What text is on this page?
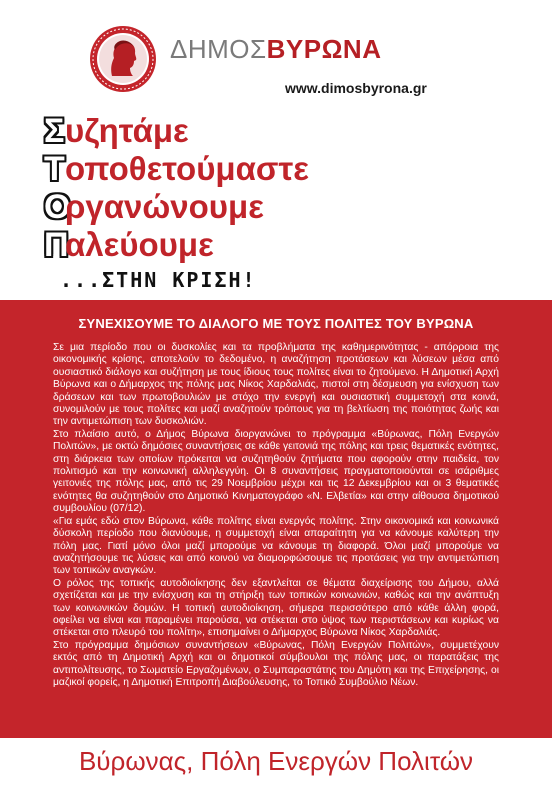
ΔΗΜΟΣΒΥΡΩΝΑ
www.dimosbyrona.gr
Σ υζητάμε
Τ οποθετούμαστε
Ο
ργανώνουμε
Π
αλεύουμε
...ΣΤΗΝ ΚΡΙΣΗ!
ΣΥΝΕΧΙΣΟΥΜΕ ΤΟ ΔΙΑΛΟΓΟ ΜΕ ΤΟΥΣ ΠΟΛΙΤΕΣ ΤΟΥ ΒΥΡΩΝΑ

Σε μια περίοδο που οι δυσκολίες και τα προβλήματα της καθημερινότητας - απόρροια της οικονομικής κρίσης, αποτελούν το δεδομένο, η αναζήτηση προτάσεων και λύσεων μέσα από ουσιαστικό διάλογο και συζήτηση με τους ίδιους τους πολίτες είναι το ζητούμενο. Η Δημοτική Αρχή Βύρωνα και ο Δήμαρχος της πόλης μας Νίκος Χαρδαλιάς, πιστοί στη δέσμευση για ενίσχυση των δράσεων και των πρωτοβουλιών με στόχο την ενεργή και ουσιαστική συμμετοχή στα κοινά, συνομιλούν με τους πολίτες και μαζί αναζητούν τρόπους για τη βελτίωση της ποιότητας ζωής και την αντιμετώπιση των δυσκολιών.

Στο πλαίσιο αυτό, ο Δήμος Βύρωνα διοργανώνει το πρόγραμμα «Βύρωνας, Πόλη Ενεργών Πολιτών», με οκτώ δημόσιες συναντήσεις σε κάθε γειτονιά της πόλης και τρεις θεματικές ενότητες, στη διάρκεια των οποίων πρόκειται να συζητηθούν ζητήματα που αφορούν στην παιδεία, τον πολιτισμό και την κοινωνική αλληλεγγύη. Οι 8 συναντήσεις πραγματοποιούνται σε ισάριθμες γειτονιές της πόλης μας, από τις 29 Νοεμβρίου μέχρι και τις 12 Δεκεμβρίου και οι 3 θεματικές ενότητες θα συζητηθούν στο Δημοτικό Κινηματογράφο «Ν. Ελβετία» και στην αίθουσα δημοτικού συμβουλίου (07/12).

«Για εμάς εδώ στον Βύρωνα, κάθε πολίτης είναι ενεργός πολίτης. Στην οικονομικά και κοινωνικά δύσκολη περίοδο που διανύουμε, η συμμετοχή είναι απαραίτητη για να κάνουμε καλύτερη την πόλη μας. Γιατί μόνο όλοι μαζί μπορούμε να κάνουμε τη διαφορά. Όλοι μαζί μπορούμε να αναζητήσουμε τις λύσεις και από κοινού να διαμορφώσουμε τις προτάσεις για την αντιμετώπιση των τοπικών αναγκών.

Ο ρόλος της τοπικής αυτοδιοίκησης δεν εξαντλείται σε θέματα διαχείρισης του Δήμου, αλλά σχετίζεται και με την ενίσχυση και τη στήριξη των τοπικών κοινωνιών, καθώς και την ανάπτυξη των κοινωνικών δομών. Η τοπική αυτοδιοίκηση, σήμερα περισσότερο από κάθε άλλη φορά, οφείλει να είναι και παραμένει παρούσα, να στέκεται στο ύψος των περιστάσεων και κυρίως να στέκεται στο πλευρό του πολίτη», επισημαίνει ο Δήμαρχος Βύρωνα Νίκος Χαρδαλιάς.

Στο πρόγραμμα δημόσιων συναντήσεων «Βύρωνας, Πόλη Ενεργών Πολιτών», συμμετέχουν εκτός από τη Δημοτική Αρχή και οι δημοτικοί σύμβουλοι της πόλης μας, οι παρατάξεις της αντιπολίτευσης, το Σωματείο Εργαζομένων, ο Συμπαραστάτης του Δημότη και της Επιχείρησης, οι μαζικοί φορείς, η Δημοτική Επιτροπή Διαβούλευσης, το Τοπικό Συμβούλιο Νέων.

Βύρωνας, Πόλη Ενεργών Πολιτών
